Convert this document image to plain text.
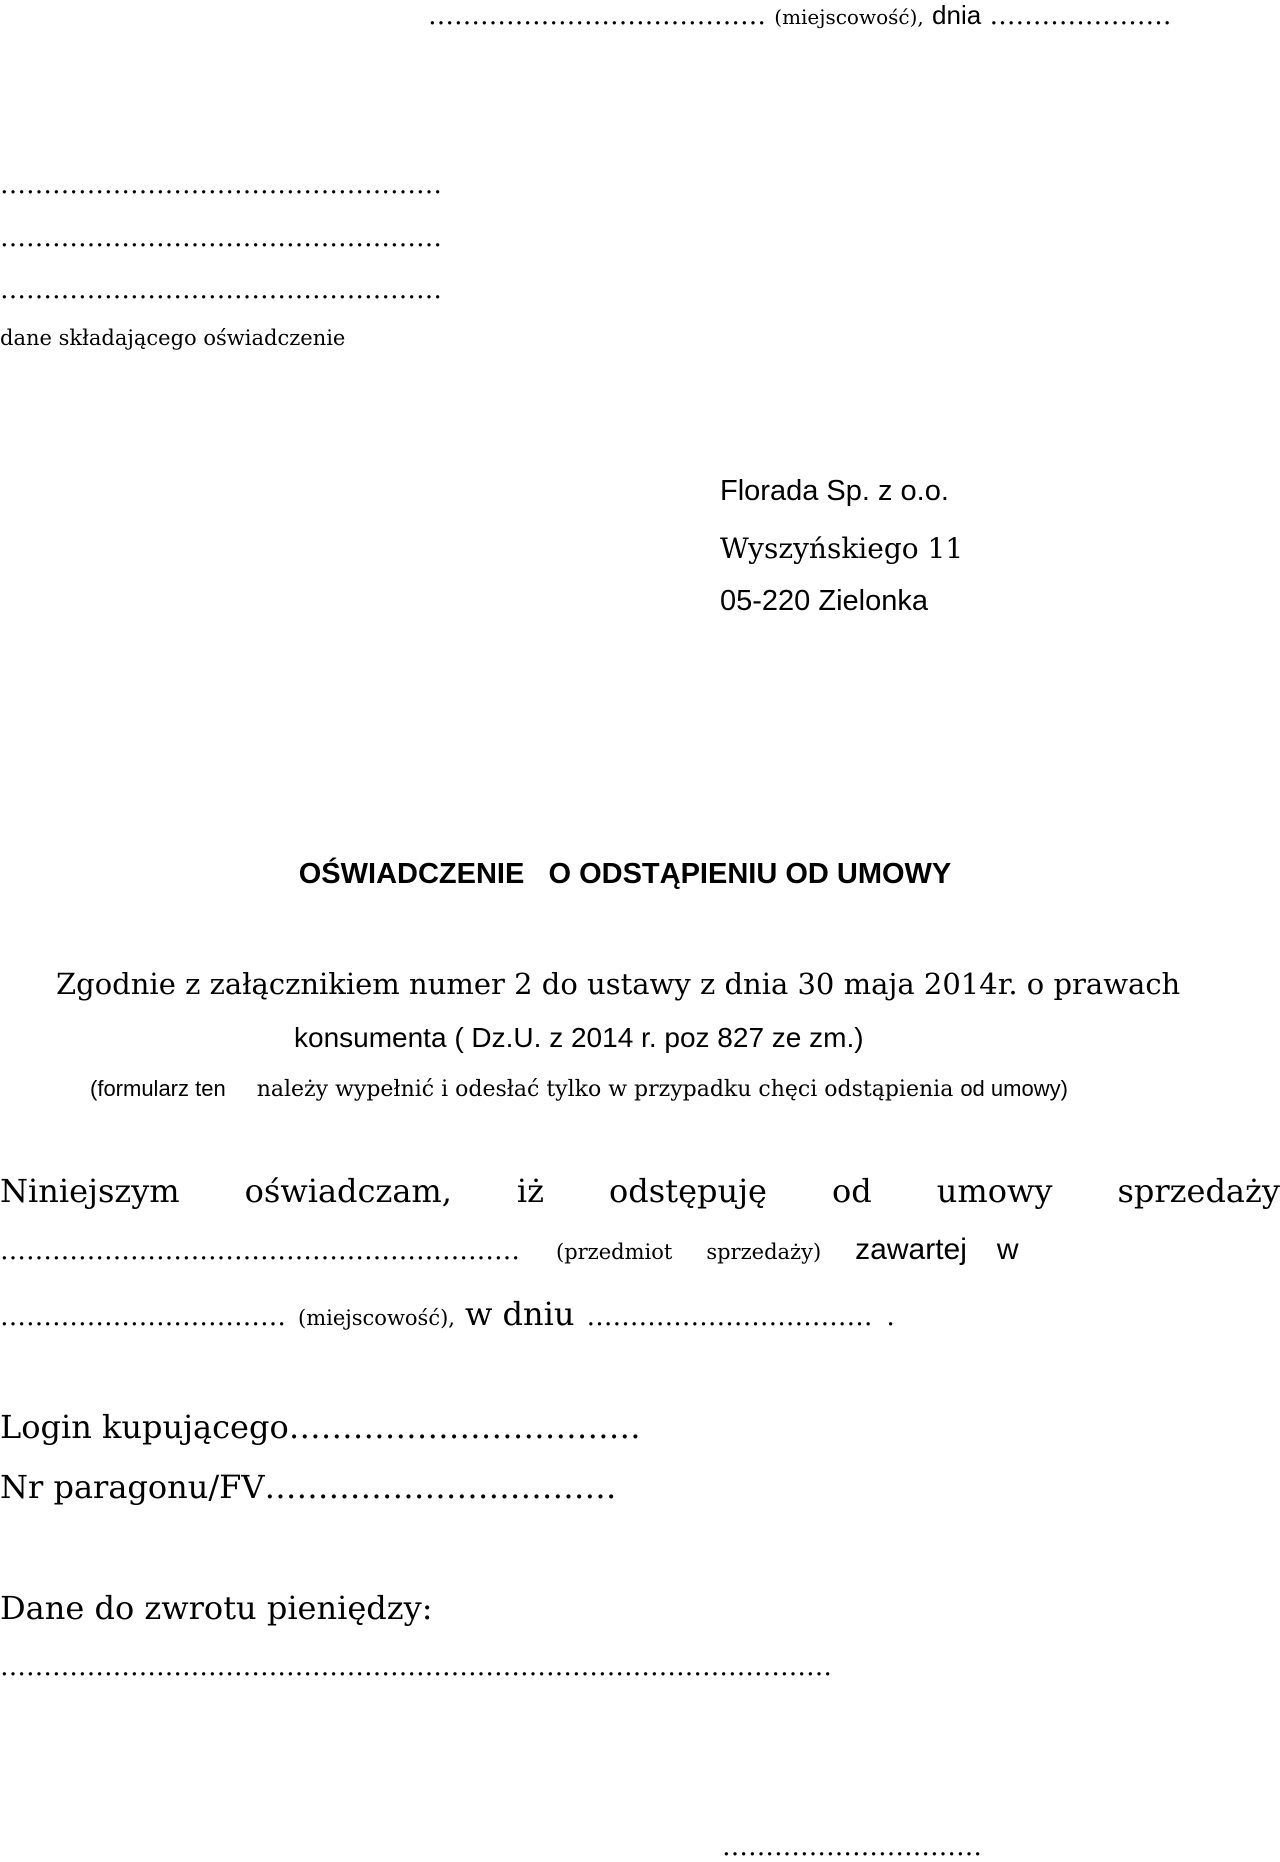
………………………………… (miejscowość), dnia …………………
……………………………………………
……………………………………………
……………………………………………
dane składającego oświadczenie
Florada Sp. z o.o.
Wyszyńskiego 11
05-220 Zielonka
OŚWIADCZENIE   O ODSTĄPIENIU OD UMOWY
Zgodnie z załącznikiem numer 2 do ustawy z dnia 30 maja 2014r. o prawach
konsumenta ( Dz.U. z 2014 r. poz 827 ze zm.)
(formularz ten należy wypełnić i odesłać tylko w przypadku chęci odstąpienia od umowy)
Niniejszym oświadczam, iż odstępuję od umowy sprzedaży
…………………………………………………… (przedmiot sprzedaży) zawartej w
…………………………… (miejscowość), w dniu …………………………… .
Login kupującego……………………………
Nr paragonu/FV……………………………
Dane do zwrotu pieniędzy:
……………………………………………………………………………………
…………………………
